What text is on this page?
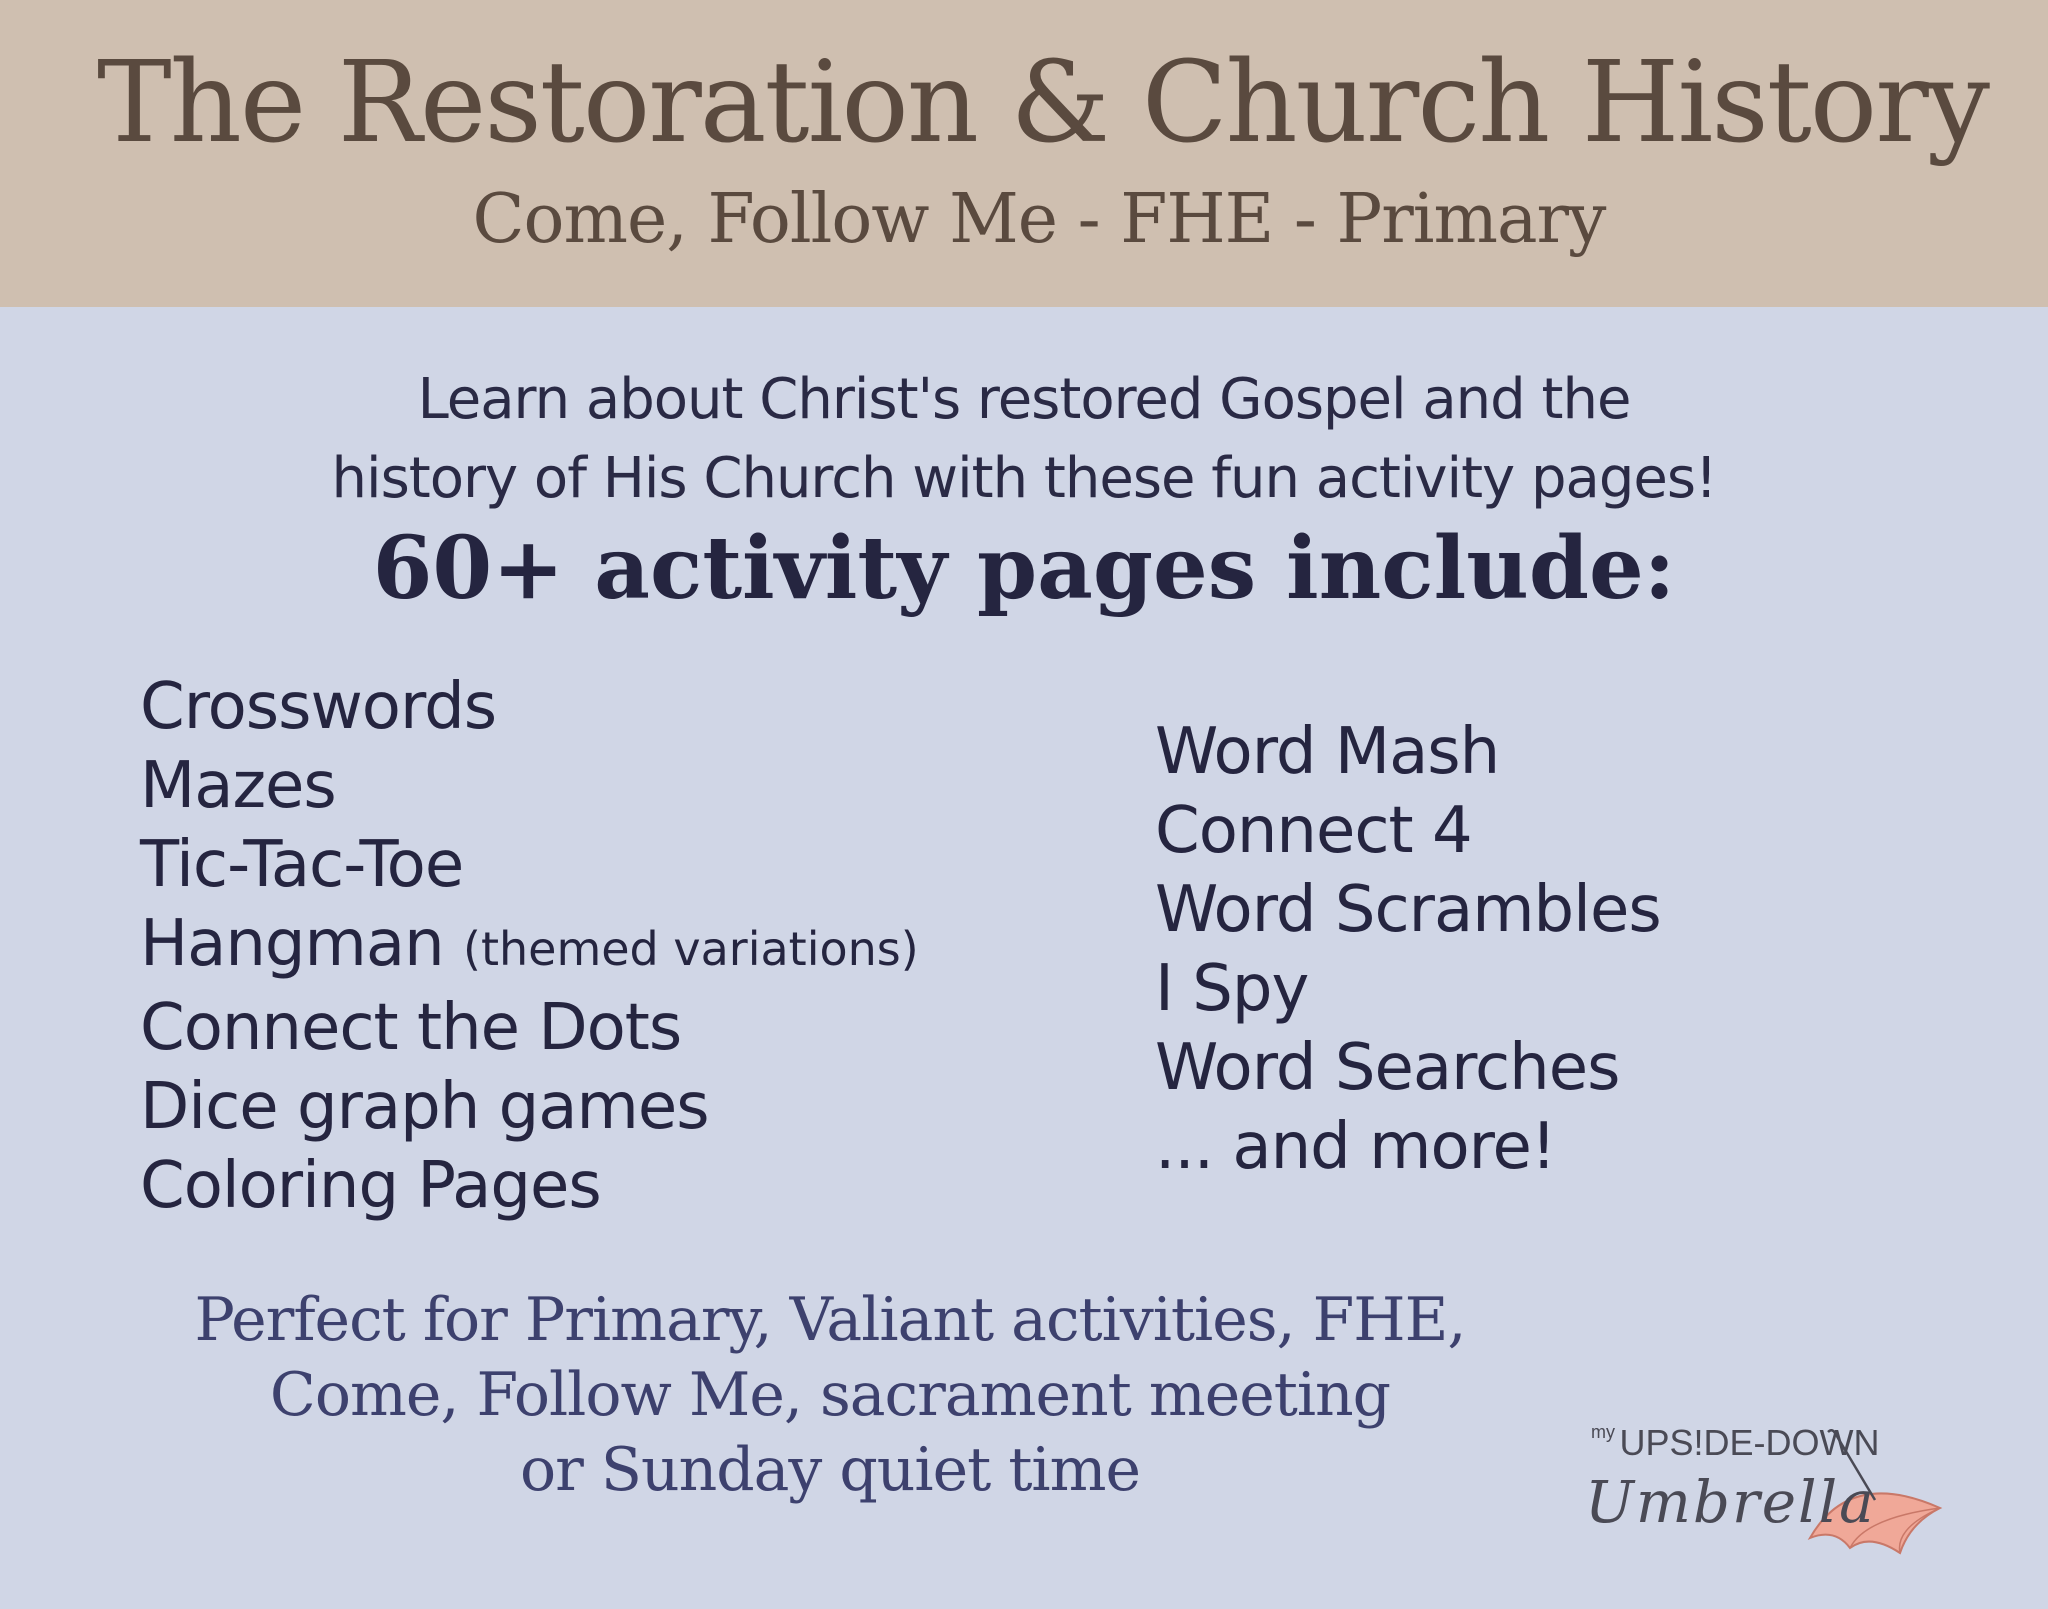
The Restoration & Church History
Come, Follow Me - FHE - Primary
Learn about Christ's restored Gospel and the
history of His Church with these fun activity pages!
60+ activity pages include:
Crosswords
Mazes
Tic-Tac-Toe
Hangman (themed variations)
Connect the Dots
Dice graph games
Coloring Pages
Word Mash
Connect 4
Word Scrambles
I Spy
Word Searches
... and more!
Perfect for Primary, Valiant activities, FHE,
Come, Follow Me, sacrament meeting
or Sunday quiet time
my UPS!DE-DOWN
Umbrella
